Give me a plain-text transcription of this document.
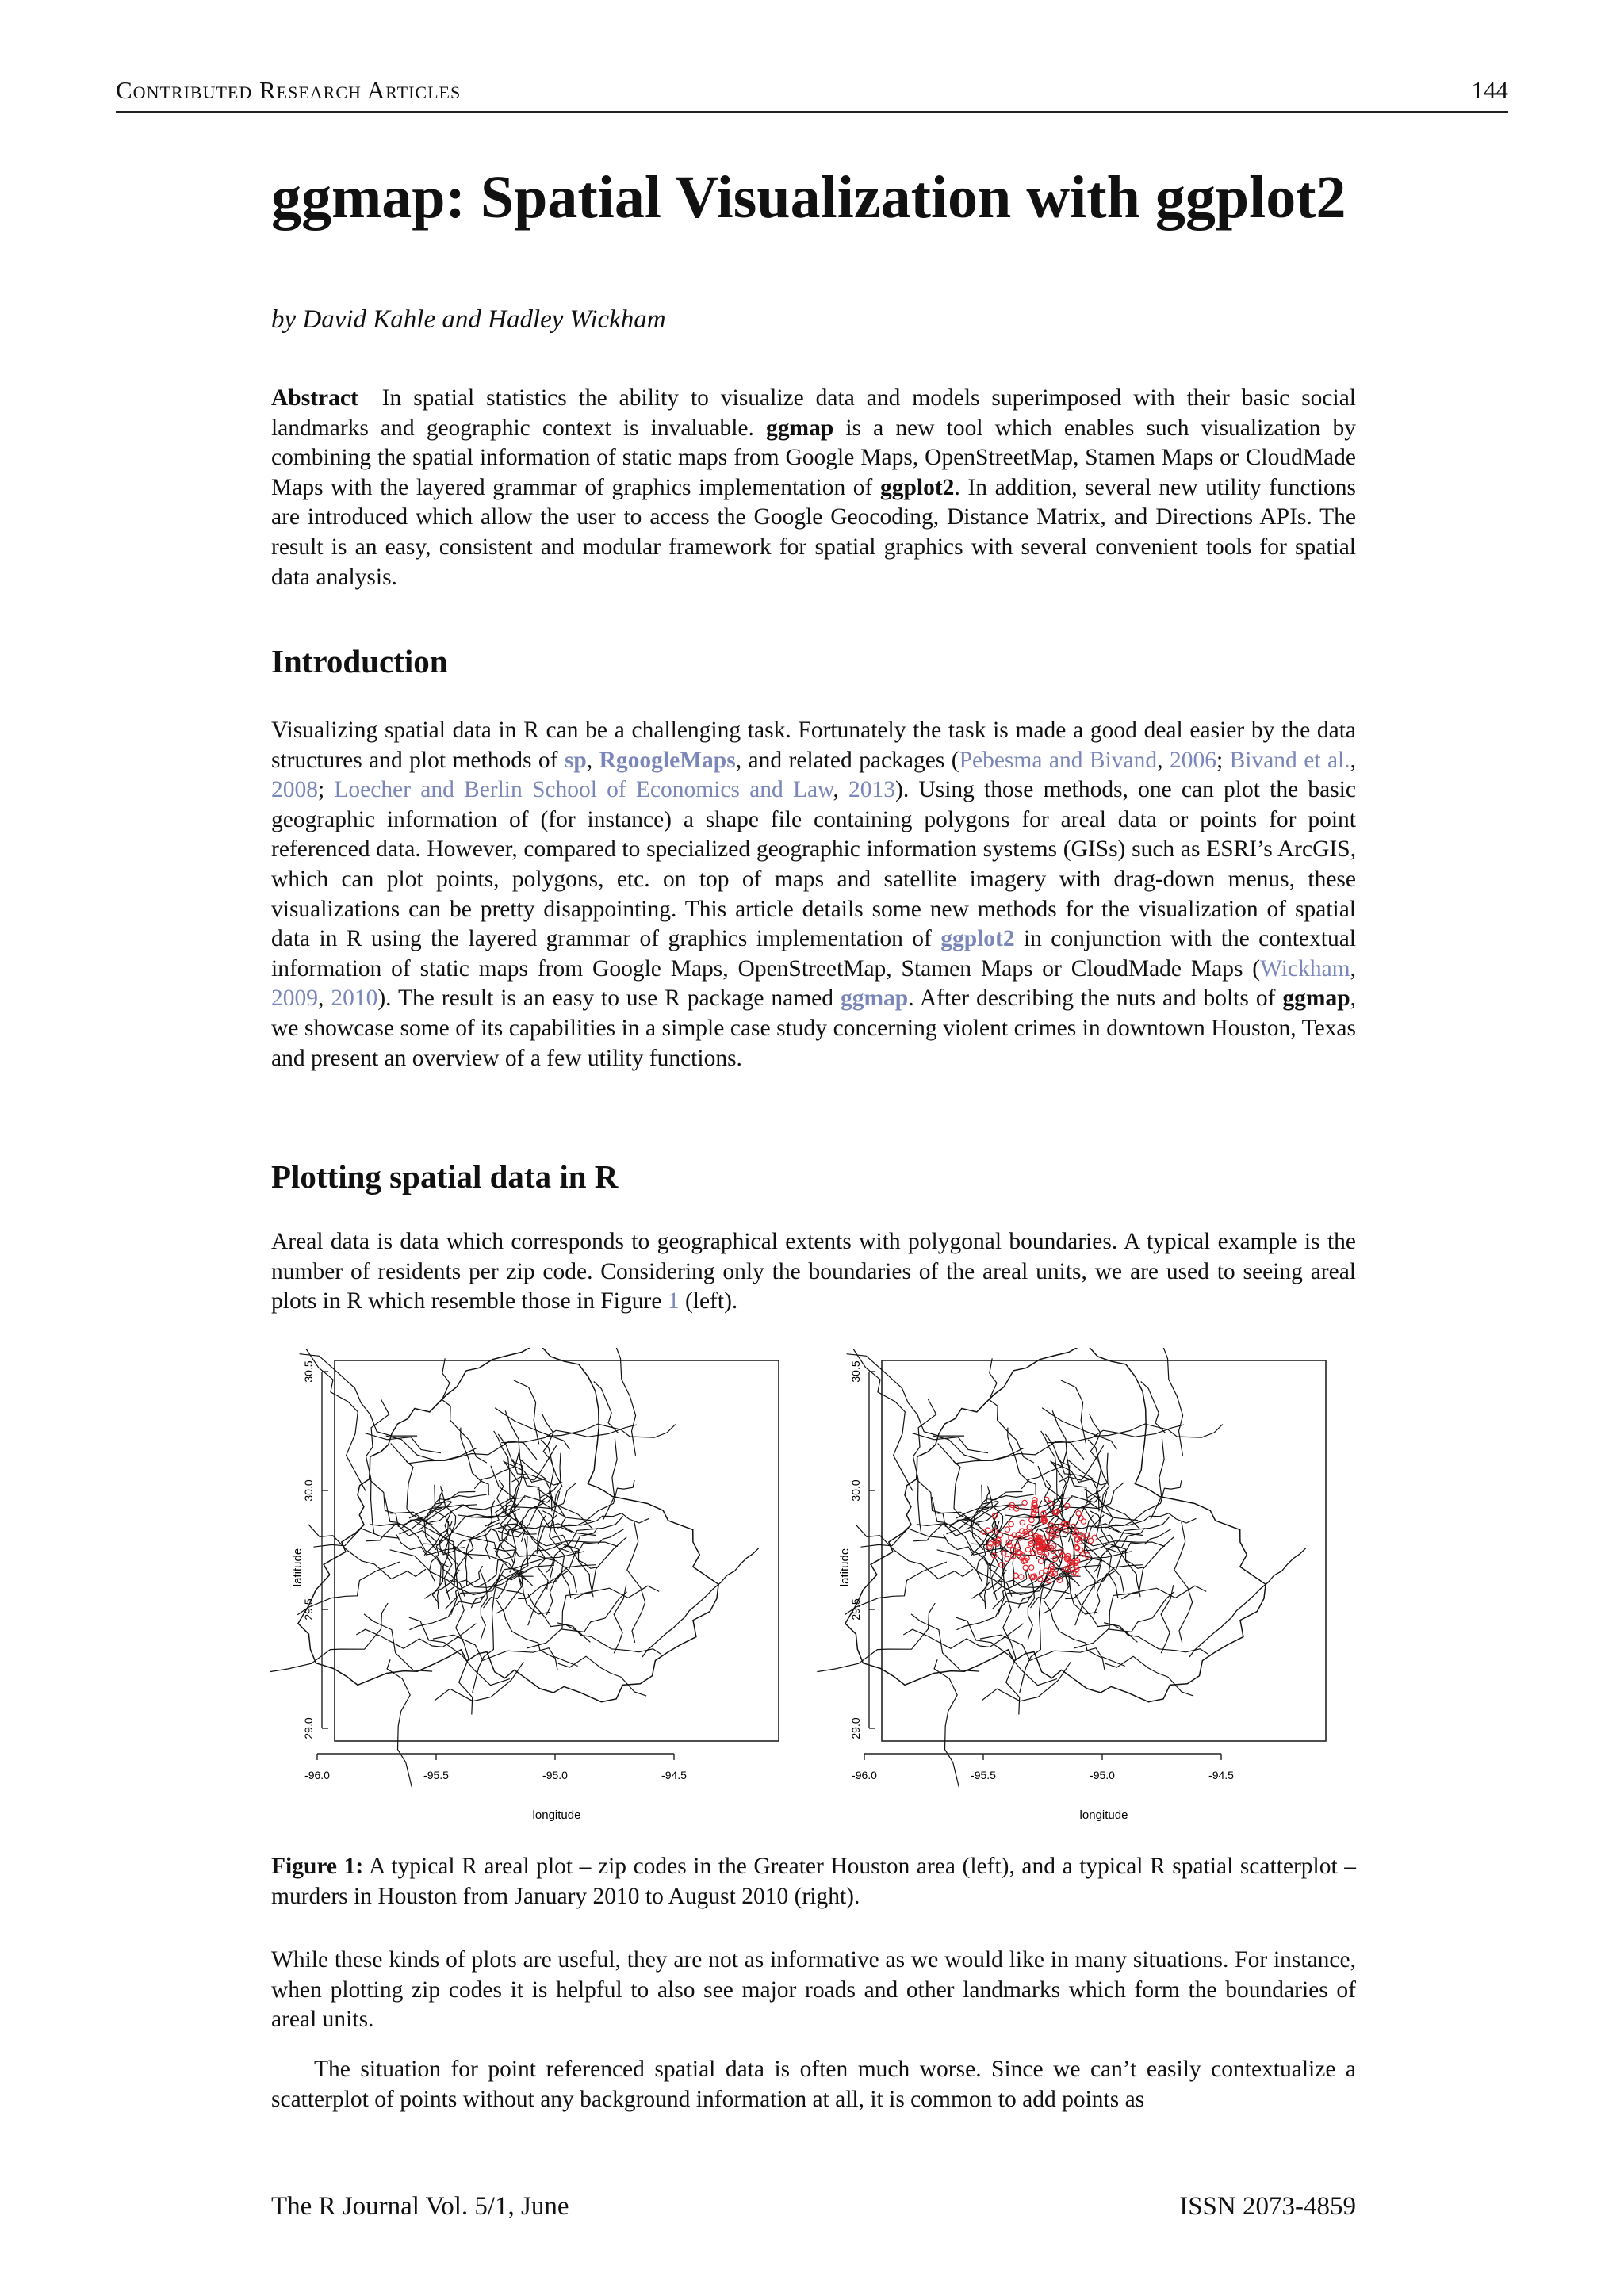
Contributed Research Articles	144
ggmap: Spatial Visualization with ggplot2
by David Kahle and Hadley Wickham

Abstract In spatial statistics the ability to visualize data and models superimposed with their basic social landmarks and geographic context is invaluable. ggmap is a new tool which enables such visualization by combining the spatial information of static maps from Google Maps, OpenStreetMap, Stamen Maps or CloudMade Maps with the layered grammar of graphics implementation of ggplot2. In addition, several new utility functions are introduced which allow the user to access the Google Geocoding, Distance Matrix, and Directions APIs. The result is an easy, consistent and modular framework for spatial graphics with several convenient tools for spatial data analysis.

Introduction

Visualizing spatial data in R can be a challenging task. Fortunately the task is made a good deal easier by the data structures and plot methods of sp, RgoogleMaps, and related packages (Pebesma and Bivand, 2006; Bivand et al., 2008; Loecher and Berlin School of Economics and Law, 2013). Using those methods, one can plot the basic geographic information of (for instance) a shape file containing polygons for areal data or points for point referenced data. However, compared to specialized geographic information systems (GISs) such as ESRI’s ArcGIS, which can plot points, polygons, etc. on top of maps and satellite imagery with drag-down menus, these visualizations can be pretty disappointing. This article details some new methods for the visualization of spatial data in R using the layered grammar of graphics implementation of ggplot2 in conjunction with the contextual information of static maps from Google Maps, OpenStreetMap, Stamen Maps or CloudMade Maps (Wickham, 2009, 2010). The result is an easy to use R package named ggmap. After describing the nuts and bolts of ggmap, we showcase some of its capabilities in a simple case study concerning violent crimes in downtown Houston, Texas and present an overview of a few utility functions.

Plotting spatial data in R

Areal data is data which corresponds to geographical extents with polygonal boundaries. A typical example is the number of residents per zip code. Considering only the boundaries of the areal units, we are used to seeing areal plots in R which resemble those in Figure 1 (left).

latitude
longitude
-96.0	-95.5	-95.0	-94.5
29.0
29.5
30.0
30.5
latitude
longitude
-96.0	-95.5	-95.0	-94.5
29.0
29.5
30.0
30.5

Figure 1: A typical R areal plot – zip codes in the Greater Houston area (left), and a typical R spatial scatterplot – murders in Houston from January 2010 to August 2010 (right).

While these kinds of plots are useful, they are not as informative as we would like in many situations. For instance, when plotting zip codes it is helpful to also see major roads and other landmarks which form the boundaries of areal units.

The situation for point referenced spatial data is often much worse. Since we can’t easily contextualize a scatterplot of points without any background information at all, it is common to add points as

The R Journal Vol. 5/1, June	ISSN 2073-4859
